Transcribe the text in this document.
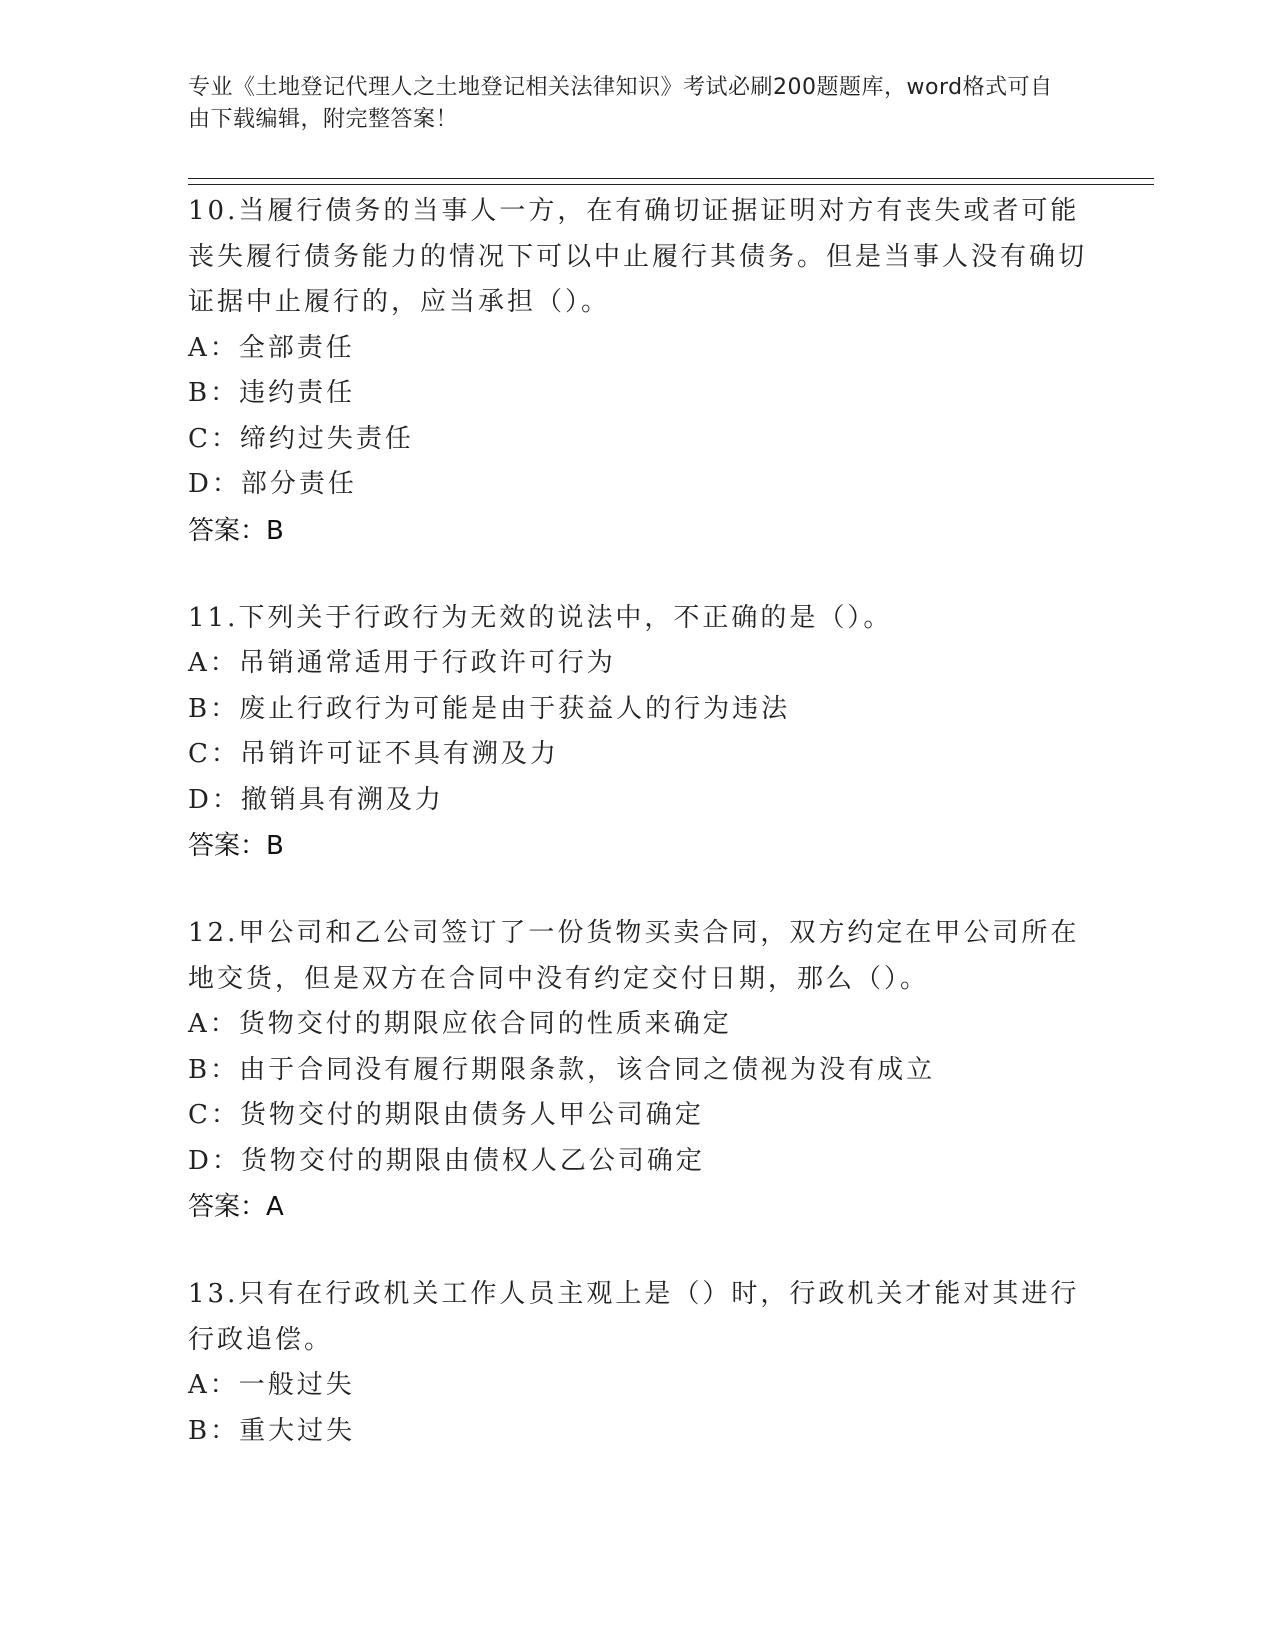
专业《土地登记代理人之土地登记相关法律知识》考试必刷200题题库，word格式可自由下载编辑，附完整答案！
10.当履行债务的当事人一方，在有确切证据证明对方有丧失或者可能丧失履行债务能力的情况下可以中止履行其债务。但是当事人没有确切证据中止履行的，应当承担（）。
A：全部责任
B：违约责任
C：缔约过失责任
D：部分责任
答案：B
11.下列关于行政行为无效的说法中，不正确的是（）。
A：吊销通常适用于行政许可行为
B：废止行政行为可能是由于获益人的行为违法
C：吊销许可证不具有溯及力
D：撤销具有溯及力
答案：B
12.甲公司和乙公司签订了一份货物买卖合同，双方约定在甲公司所在地交货，但是双方在合同中没有约定交付日期，那么（）。
A：货物交付的期限应依合同的性质来确定
B：由于合同没有履行期限条款，该合同之债视为没有成立
C：货物交付的期限由债务人甲公司确定
D：货物交付的期限由债权人乙公司确定
答案：A
13.只有在行政机关工作人员主观上是（）时，行政机关才能对其进行行政追偿。
A：一般过失
B：重大过失
